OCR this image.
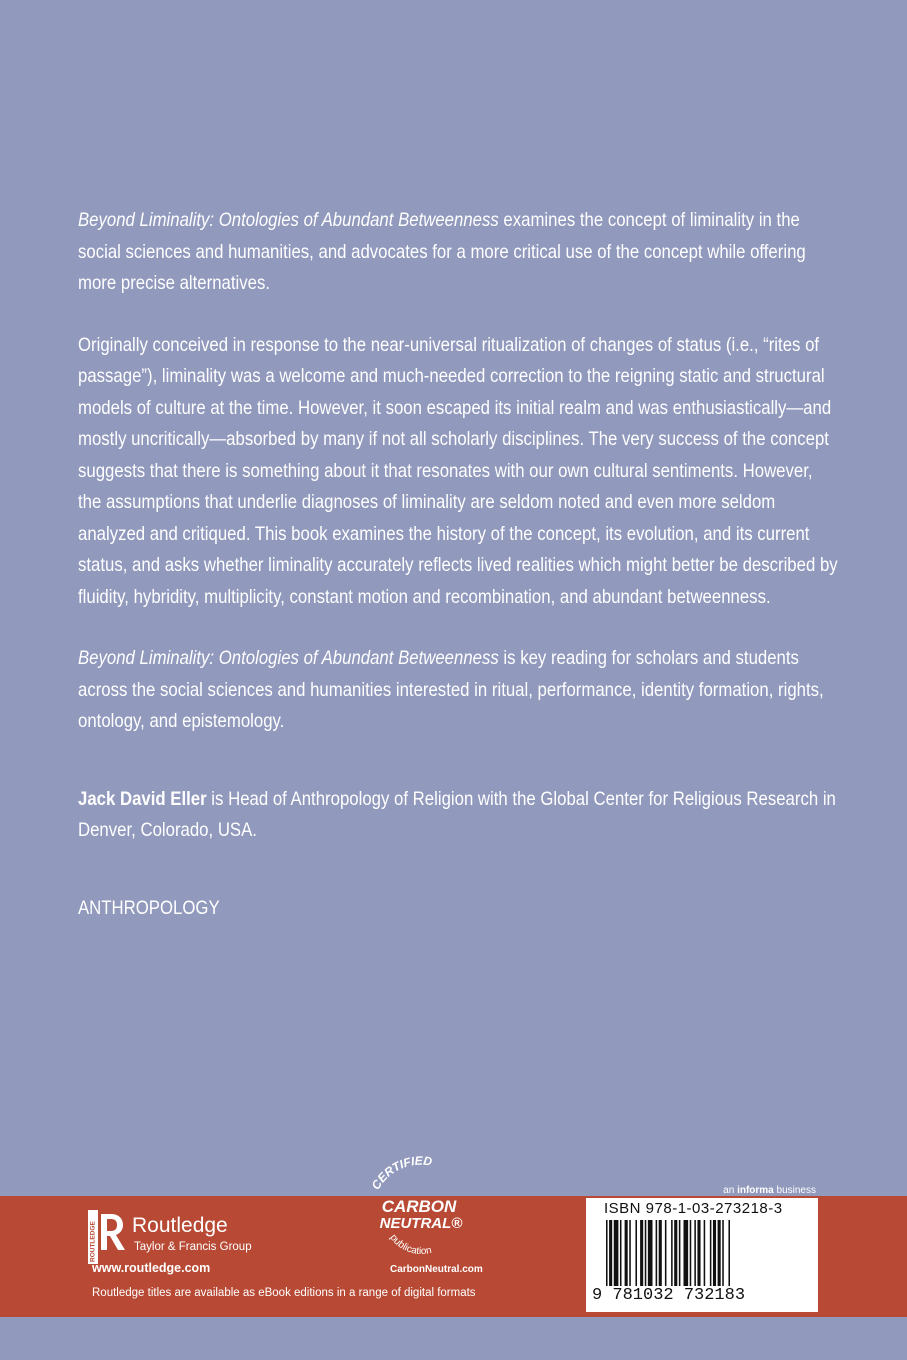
Beyond Liminality: Ontologies of Abundant Betweenness examines the concept of liminality in the social sciences and humanities, and advocates for a more critical use of the concept while offering more precise alternatives.

Originally conceived in response to the near-universal ritualization of changes of status (i.e., “rites of passage”), liminality was a welcome and much-needed correction to the reigning static and structural models of culture at the time. However, it soon escaped its initial realm and was enthusiastically—and mostly uncritically—absorbed by many if not all scholarly disciplines. The very success of the concept suggests that there is something about it that resonates with our own cultural sentiments. However, the assumptions that underlie diagnoses of liminality are seldom noted and even more seldom analyzed and critiqued. This book examines the history of the concept, its evolution, and its current status, and asks whether liminality accurately reflects lived realities which might better be described by fluidity, hybridity, multiplicity, constant motion and recombination, and abundant betweenness.

Beyond Liminality: Ontologies of Abundant Betweenness is key reading for scholars and students across the social sciences and humanities interested in ritual, performance, identity formation, rights, ontology, and epistemology.

Jack David Eller is Head of Anthropology of Religion with the Global Center for Religious Research in Denver, Colorado, USA.

ANTHROPOLOGY

ROUTLEDGE Routledge
Taylor & Francis Group
www.routledge.com
Routledge titles are available as eBook editions in a range of digital formats
CERTIFIED
CARBON
NEUTRAL®
publication
CarbonNeutral.com
an informa business
ISBN 978-1-03-273218-3
9 781032 732183
